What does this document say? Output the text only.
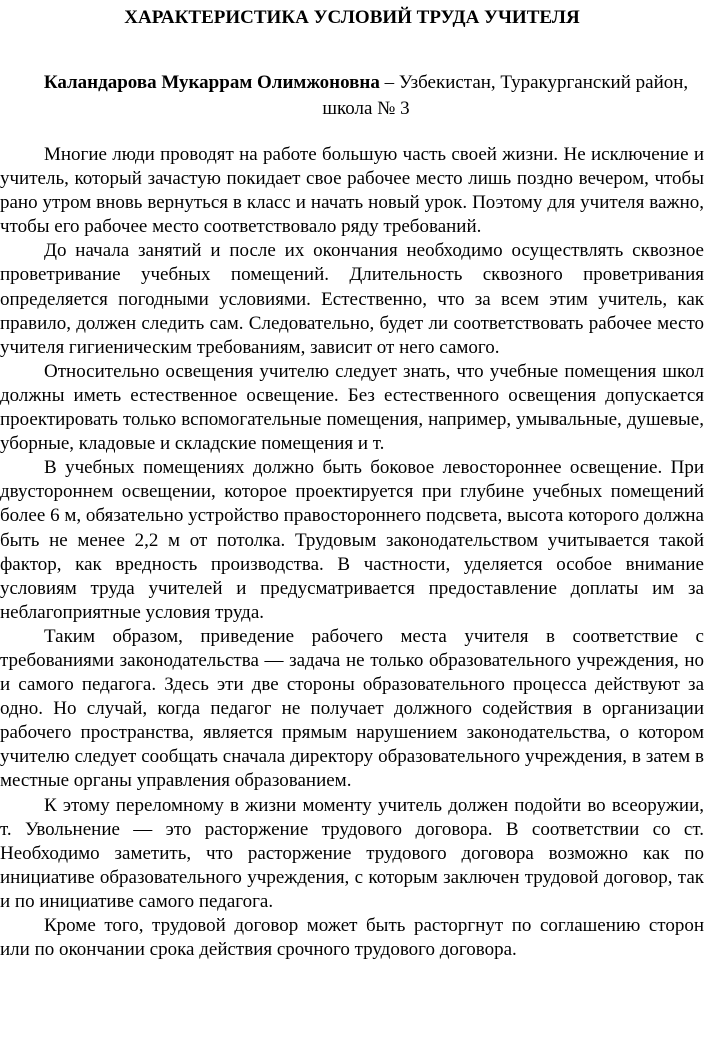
ХАРАКТЕРИСТИКА УСЛОВИЙ ТРУДА УЧИТЕЛЯ

Каландарова Мукаррам Олимжоновна – Узбекистан, Туракурганский район, школа № 3

Многие люди проводят на работе большую часть своей жизни. Не исключение и учитель, который зачастую покидает свое рабочее место лишь поздно вечером, чтобы рано утром вновь вернуться в класс и начать новый урок. Поэтому для учителя важно, чтобы его рабочее место соответствовало ряду требований.

До начала занятий и после их окончания необходимо осуществлять сквозное проветривание учебных помещений. Длительность сквозного проветривания определяется погодными условиями. Естественно, что за всем этим учитель, как правило, должен следить сам. Следовательно, будет ли соответствовать рабочее место учителя гигиеническим требованиям, зависит от него самого.

Относительно освещения учителю следует знать, что учебные помещения школ должны иметь естественное освещение. Без естественного освещения допускается проектировать только вспомогательные помещения, например, умывальные, душевые, уборные, кладовые и складские помещения и т.

В учебных помещениях должно быть боковое левостороннее освещение. При двустороннем освещении, которое проектируется при глубине учебных помещений более 6 м, обязательно устройство правостороннего подсвета, высота которого должна быть не менее 2,2 м от потолка. Трудовым законодательством учитывается такой фактор, как вредность производства. В частности, уделяется особое внимание условиям труда учителей и предусматривается предоставление доплаты им за неблагоприятные условия труда.

Таким образом, приведение рабочего места учителя в соответствие с требованиями законодательства — задача не только образовательного учреждения, но и самого педагога. Здесь эти две стороны образовательного процесса действуют за одно. Но случай, когда педагог не получает должного содействия в организации рабочего пространства, является прямым нарушением законодательства, о котором учителю следует сообщать сначала директору образовательного учреждения, в затем в местные органы управления образованием.

К этому переломному в жизни моменту учитель должен подойти во всеоружии, т. Увольнение — это расторжение трудового договора. В соответствии со ст. Необходимо заметить, что расторжение трудового договора возможно как по инициативе образовательного учреждения, с которым заключен трудовой договор, так и по инициативе самого педагога.

Кроме того, трудовой договор может быть расторгнут по соглашению сторон или по окончании срока действия срочного трудового договора.
